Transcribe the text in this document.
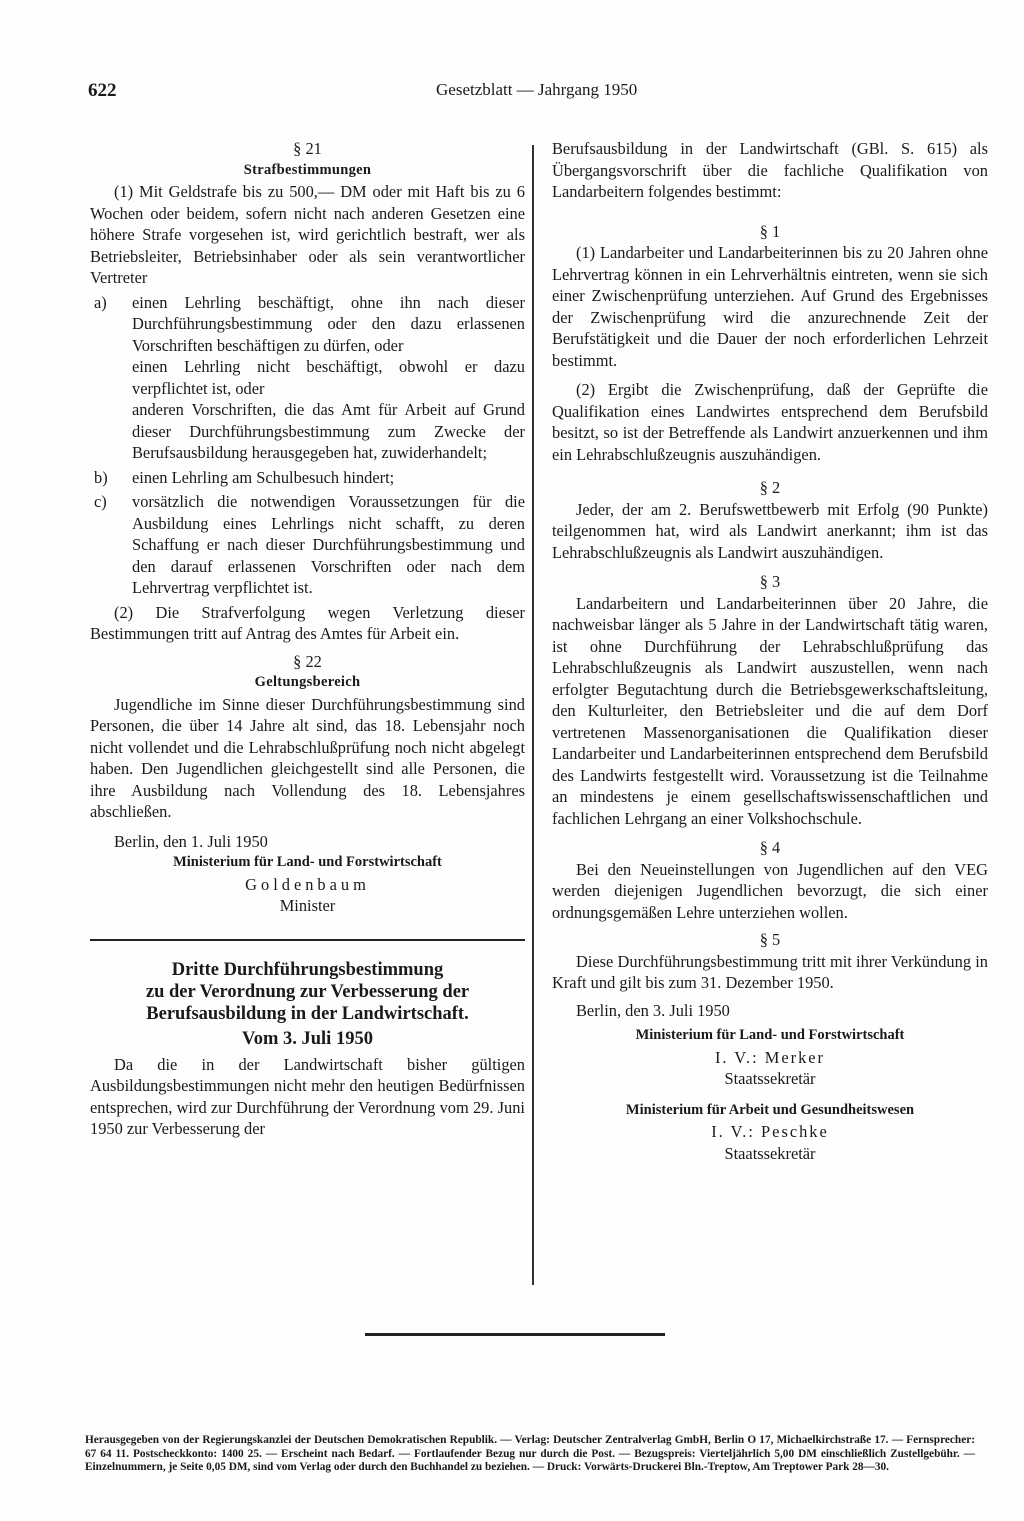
622	Gesetzblatt — Jahrgang 1950

§ 21

Strafbestimmungen

(1) Mit Geldstrafe bis zu 500,— DM oder mit Haft bis zu 6 Wochen oder beidem, sofern nicht nach anderen Gesetzen eine höhere Strafe vorgesehen ist, wird gerichtlich bestraft, wer als Betriebsleiter, Betriebsinhaber oder als sein verantwortlicher Vertreter

a)	einen Lehrling beschäftigt, ohne ihn nach dieser Durchführungsbestimmung oder den dazu erlassenen Vorschriften beschäftigen zu dürfen, oder

einen Lehrling nicht beschäftigt, obwohl er dazu verpflichtet ist, oder

anderen Vorschriften, die das Amt für Arbeit auf Grund dieser Durchführungsbestimmung zum Zwecke der Berufsausbildung herausgegeben hat, zuwiderhandelt;

b)	einen Lehrling am Schulbesuch hindert;
c)	vorsätzlich die notwendigen Voraussetzungen für die Ausbildung eines Lehrlings nicht schafft, zu deren Schaffung er nach dieser Durchführungsbestimmung und den darauf erlassenen Vorschriften oder nach dem Lehrvertrag verpflichtet ist.

(2) Die Strafverfolgung wegen Verletzung dieser Bestimmungen tritt auf Antrag des Amtes für Arbeit ein.

§ 22

Geltungsbereich

Jugendliche im Sinne dieser Durchführungsbestimmung sind Personen, die über 14 Jahre alt sind, das 18. Lebensjahr noch nicht vollendet und die Lehrabschlußprüfung noch nicht abgelegt haben. Den Jugendlichen gleichgestellt sind alle Personen, die ihre Ausbildung nach Vollendung des 18. Lebensjahres abschließen.

Berlin, den 1. Juli 1950

Ministerium für Land- und Forstwirtschaft

Goldenbaum

Minister

Dritte Durchführungsbestimmung
zu der Verordnung zur Verbesserung der
Berufsausbildung in der Landwirtschaft.
Vom 3. Juli 1950

Da die in der Landwirtschaft bisher gültigen Ausbildungsbestimmungen nicht mehr den heutigen Bedürfnissen entsprechen, wird zur Durchführung der Verordnung vom 29. Juni 1950 zur Verbesserung der

Berufsausbildung in der Landwirtschaft (GBl. S. 615) als Übergangsvorschrift über die fachliche Qualifikation von Landarbeitern folgendes bestimmt:

§ 1

(1) Landarbeiter und Landarbeiterinnen bis zu 20 Jahren ohne Lehrvertrag können in ein Lehrverhältnis eintreten, wenn sie sich einer Zwischenprüfung unterziehen. Auf Grund des Ergebnisses der Zwischenprüfung wird die anzurechnende Zeit der Berufstätigkeit und die Dauer der noch erforderlichen Lehrzeit bestimmt.

(2) Ergibt die Zwischenprüfung, daß der Geprüfte die Qualifikation eines Landwirtes entsprechend dem Berufsbild besitzt, so ist der Betreffende als Landwirt anzuerkennen und ihm ein Lehrabschlußzeugnis auszuhändigen.

§ 2

Jeder, der am 2. Berufswettbewerb mit Erfolg (90 Punkte) teilgenommen hat, wird als Landwirt anerkannt; ihm ist das Lehrabschlußzeugnis als Landwirt auszuhändigen.

§ 3

Landarbeitern und Landarbeiterinnen über 20 Jahre, die nachweisbar länger als 5 Jahre in der Landwirtschaft tätig waren, ist ohne Durchführung der Lehrabschlußprüfung das Lehrabschlußzeugnis als Landwirt auszustellen, wenn nach erfolgter Begutachtung durch die Betriebsgewerkschaftsleitung, den Kulturleiter, den Betriebsleiter und die auf dem Dorf vertretenen Massenorganisationen die Qualifikation dieser Landarbeiter und Landarbeiterinnen entsprechend dem Berufsbild des Landwirts festgestellt wird. Voraussetzung ist die Teilnahme an mindestens je einem gesellschaftswissenschaftlichen und fachlichen Lehrgang an einer Volkshochschule.

§ 4

Bei den Neueinstellungen von Jugendlichen auf den VEG werden diejenigen Jugendlichen bevorzugt, die sich einer ordnungsgemäßen Lehre unterziehen wollen.

§ 5

Diese Durchführungsbestimmung tritt mit ihrer Verkündung in Kraft und gilt bis zum 31. Dezember 1950.

Berlin, den 3. Juli 1950

Ministerium für Land- und Forstwirtschaft

I. V.: Merker

Staatssekretär

Ministerium für Arbeit und Gesundheitswesen

I. V.: Peschke

Staatssekretär

Herausgegeben von der Regierungskanzlei der Deutschen Demokratischen Republik. — Verlag: Deutscher Zentralverlag GmbH, Berlin O 17, Michaelkirchstraße 17. — Fernsprecher: 67 64 11. Postscheckkonto: 1400 25. — Erscheint nach Bedarf. — Fortlaufender Bezug nur durch die Post. — Bezugspreis: Vierteljährlich 5,00 DM einschließlich Zustellgebühr. — Einzelnummern, je Seite 0,05 DM, sind vom Verlag oder durch den Buchhandel zu beziehen. — Druck: Vorwärts-Druckerei Bln.-Treptow, Am Treptower Park 28—30.
